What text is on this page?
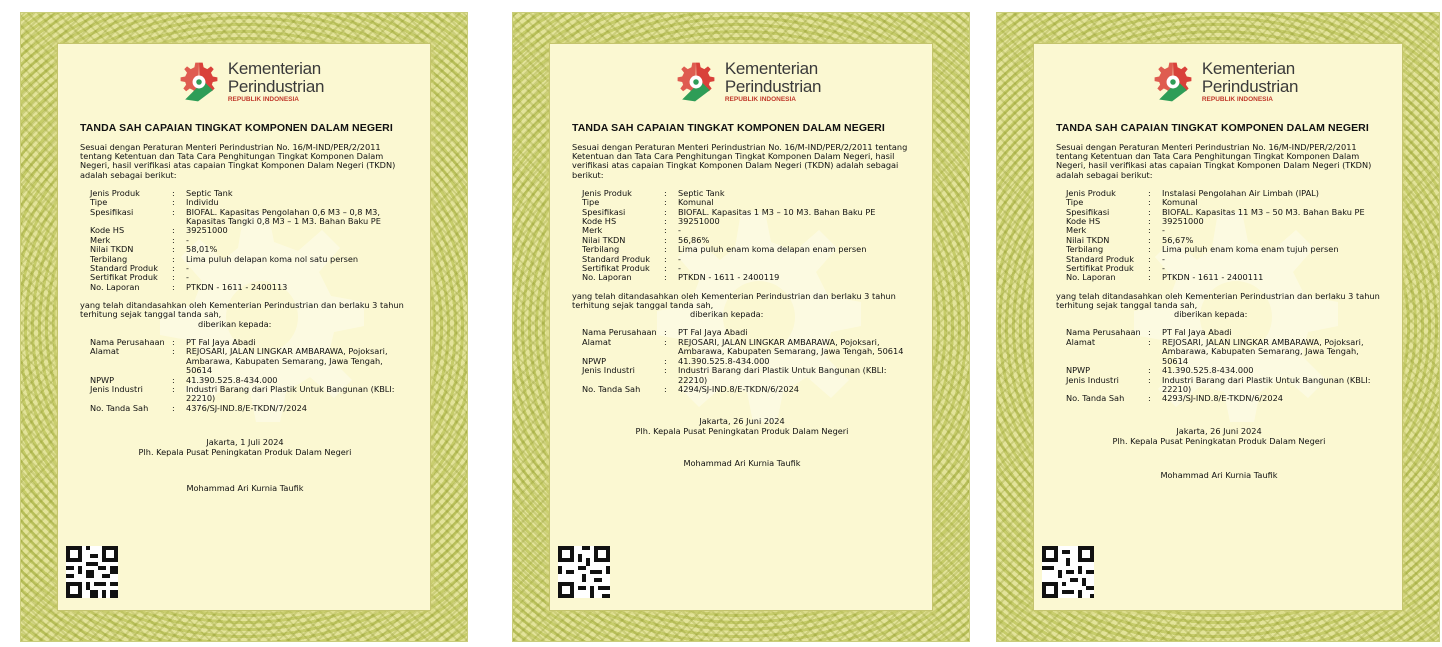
Kementerian
Perindustrian
REPUBLIK INDONESIA
TANDA SAH CAPAIAN TINGKAT KOMPONEN DALAM NEGERI
Sesuai dengan Peraturan Menteri Perindustrian No. 16/M-IND/PER/2/2011 tentang Ketentuan dan Tata Cara Penghitungan Tingkat Komponen Dalam Negeri, hasil verifikasi atas capaian Tingkat Komponen Dalam Negeri (TKDN) adalah sebagai berikut:
Jenis Produk	:	Septic Tank
Tipe	:	Individu
Spesifikasi	:	BIOFAL. Kapasitas Pengolahan 0,6 M3 – 0,8 M3, Kapasitas Tangki 0,8 M3 – 1 M3. Bahan Baku PE
Kode HS	:	39251000
Merk	:	-
Nilai TKDN	:	58,01%
Terbilang	:	Lima puluh delapan koma nol satu persen
Standard Produk	:	-
Sertifikat Produk	:	-
No. Laporan	:	PTKDN - 1611 - 2400113
yang telah ditandasahkan oleh Kementerian Perindustrian dan berlaku 3 tahun terhitung sejak tanggal tanda sah,
diberikan kepada:
Nama Perusahaan :	PT Fal Jaya Abadi
Alamat	:	REJOSARI, JALAN LINGKAR AMBARAWA, Pojoksari, Ambarawa, Kabupaten Semarang, Jawa Tengah, 50614
NPWP	:	41.390.525.8-434.000
Jenis Industri	:	Industri Barang dari Plastik Untuk Bangunan (KBLI: 22210)
No. Tanda Sah	:	4376/SJ-IND.8/E-TKDN/7/2024
Jakarta, 1 Juli 2024
Plh. Kepala Pusat Peningkatan Produk Dalam Negeri
Mohammad Ari Kurnia Taufik
Kementerian
Perindustrian
REPUBLIK INDONESIA
TANDA SAH CAPAIAN TINGKAT KOMPONEN DALAM NEGERI
Sesuai dengan Peraturan Menteri Perindustrian No. 16/M-IND/PER/2/2011 tentang Ketentuan dan Tata Cara Penghitungan Tingkat Komponen Dalam Negeri, hasil verifikasi atas capaian Tingkat Komponen Dalam Negeri (TKDN) adalah sebagai berikut:
Jenis Produk	:	Septic Tank
Tipe	:	Komunal
Spesifikasi	:	BIOFAL. Kapasitas 1 M3 – 10 M3. Bahan Baku PE
Kode HS	:	39251000
Merk	:	-
Nilai TKDN	:	56,86%
Terbilang	:	Lima puluh enam koma delapan enam persen
Standard Produk	:	-
Sertifikat Produk	:	-
No. Laporan	:	PTKDN - 1611 - 2400119
yang telah ditandasahkan oleh Kementerian Perindustrian dan berlaku 3 tahun terhitung sejak tanggal tanda sah,
diberikan kepada:
Nama Perusahaan :	PT Fal Jaya Abadi
Alamat	:	REJOSARI, JALAN LINGKAR AMBARAWA, Pojoksari, Ambarawa, Kabupaten Semarang, Jawa Tengah, 50614
NPWP	:	41.390.525.8-434.000
Jenis Industri	:	Industri Barang dari Plastik Untuk Bangunan (KBLI: 22210)
No. Tanda Sah	:	4294/SJ-IND.8/E-TKDN/6/2024
Jakarta, 26 Juni 2024
Plh. Kepala Pusat Peningkatan Produk Dalam Negeri
Mohammad Ari Kurnia Taufik
Kementerian
Perindustrian
REPUBLIK INDONESIA
TANDA SAH CAPAIAN TINGKAT KOMPONEN DALAM NEGERI
Sesuai dengan Peraturan Menteri Perindustrian No. 16/M-IND/PER/2/2011 tentang Ketentuan dan Tata Cara Penghitungan Tingkat Komponen Dalam Negeri, hasil verifikasi atas capaian Tingkat Komponen Dalam Negeri (TKDN) adalah sebagai berikut:
Jenis Produk	:	Instalasi Pengolahan Air Limbah (IPAL)
Tipe	:	Komunal
Spesifikasi	:	BIOFAL. Kapasitas 11 M3 – 50 M3. Bahan Baku PE
Kode HS	:	39251000
Merk	:	-
Nilai TKDN	:	56,67%
Terbilang	:	Lima puluh enam koma enam tujuh persen
Standard Produk	:	-
Sertifikat Produk	:	-
No. Laporan	:	PTKDN - 1611 - 2400111
yang telah ditandasahkan oleh Kementerian Perindustrian dan berlaku 3 tahun terhitung sejak tanggal tanda sah,
diberikan kepada:
Nama Perusahaan :	PT Fal Jaya Abadi
Alamat	:	REJOSARI, JALAN LINGKAR AMBARAWA, Pojoksari, Ambarawa, Kabupaten Semarang, Jawa Tengah, 50614
NPWP	:	41.390.525.8-434.000
Jenis Industri	:	Industri Barang dari Plastik Untuk Bangunan (KBLI: 22210)
No. Tanda Sah	:	4293/SJ-IND.8/E-TKDN/6/2024
Jakarta, 26 Juni 2024
Plh. Kepala Pusat Peningkatan Produk Dalam Negeri
Mohammad Ari Kurnia Taufik
